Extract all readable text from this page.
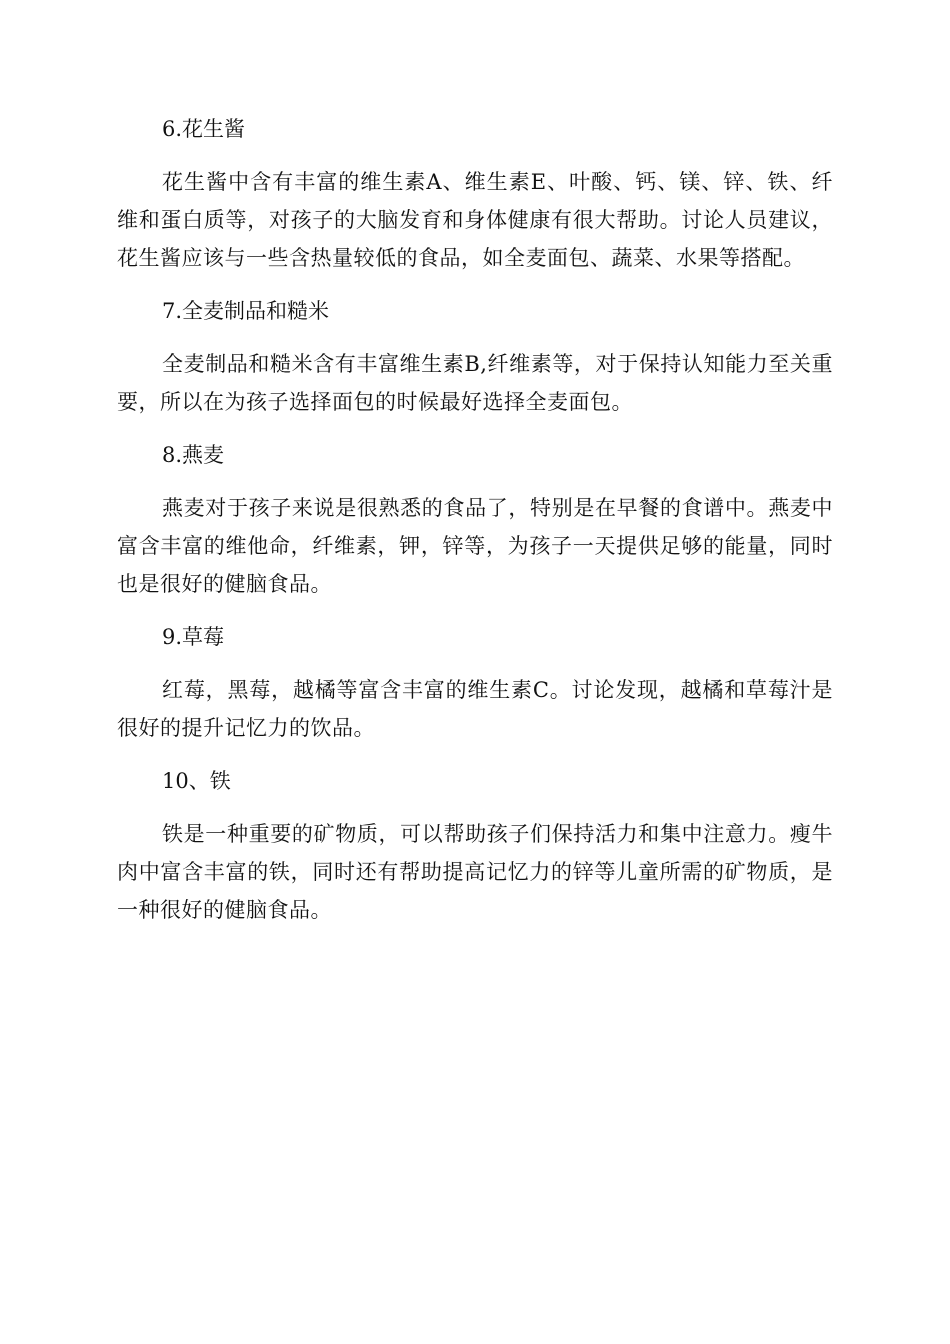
6.花生酱

花生酱中含有丰富的维生素A、维生素E、叶酸、钙、镁、锌、铁、纤维和蛋白质等，对孩子的大脑发育和身体健康有很大帮助。讨论人员建议，花生酱应该与一些含热量较低的食品，如全麦面包、蔬菜、水果等搭配。

7.全麦制品和糙米

全麦制品和糙米含有丰富维生素B,纤维素等，对于保持认知能力至关重要，所以在为孩子选择面包的时候最好选择全麦面包。

8.燕麦

燕麦对于孩子来说是很熟悉的食品了，特别是在早餐的食谱中。燕麦中富含丰富的维他命，纤维素，钾，锌等，为孩子一天提供足够的能量，同时也是很好的健脑食品。

9.草莓

红莓，黑莓，越橘等富含丰富的维生素C。讨论发现，越橘和草莓汁是很好的提升记忆力的饮品。

10、铁

铁是一种重要的矿物质，可以帮助孩子们保持活力和集中注意力。瘦牛肉中富含丰富的铁，同时还有帮助提高记忆力的锌等儿童所需的矿物质，是一种很好的健脑食品。
